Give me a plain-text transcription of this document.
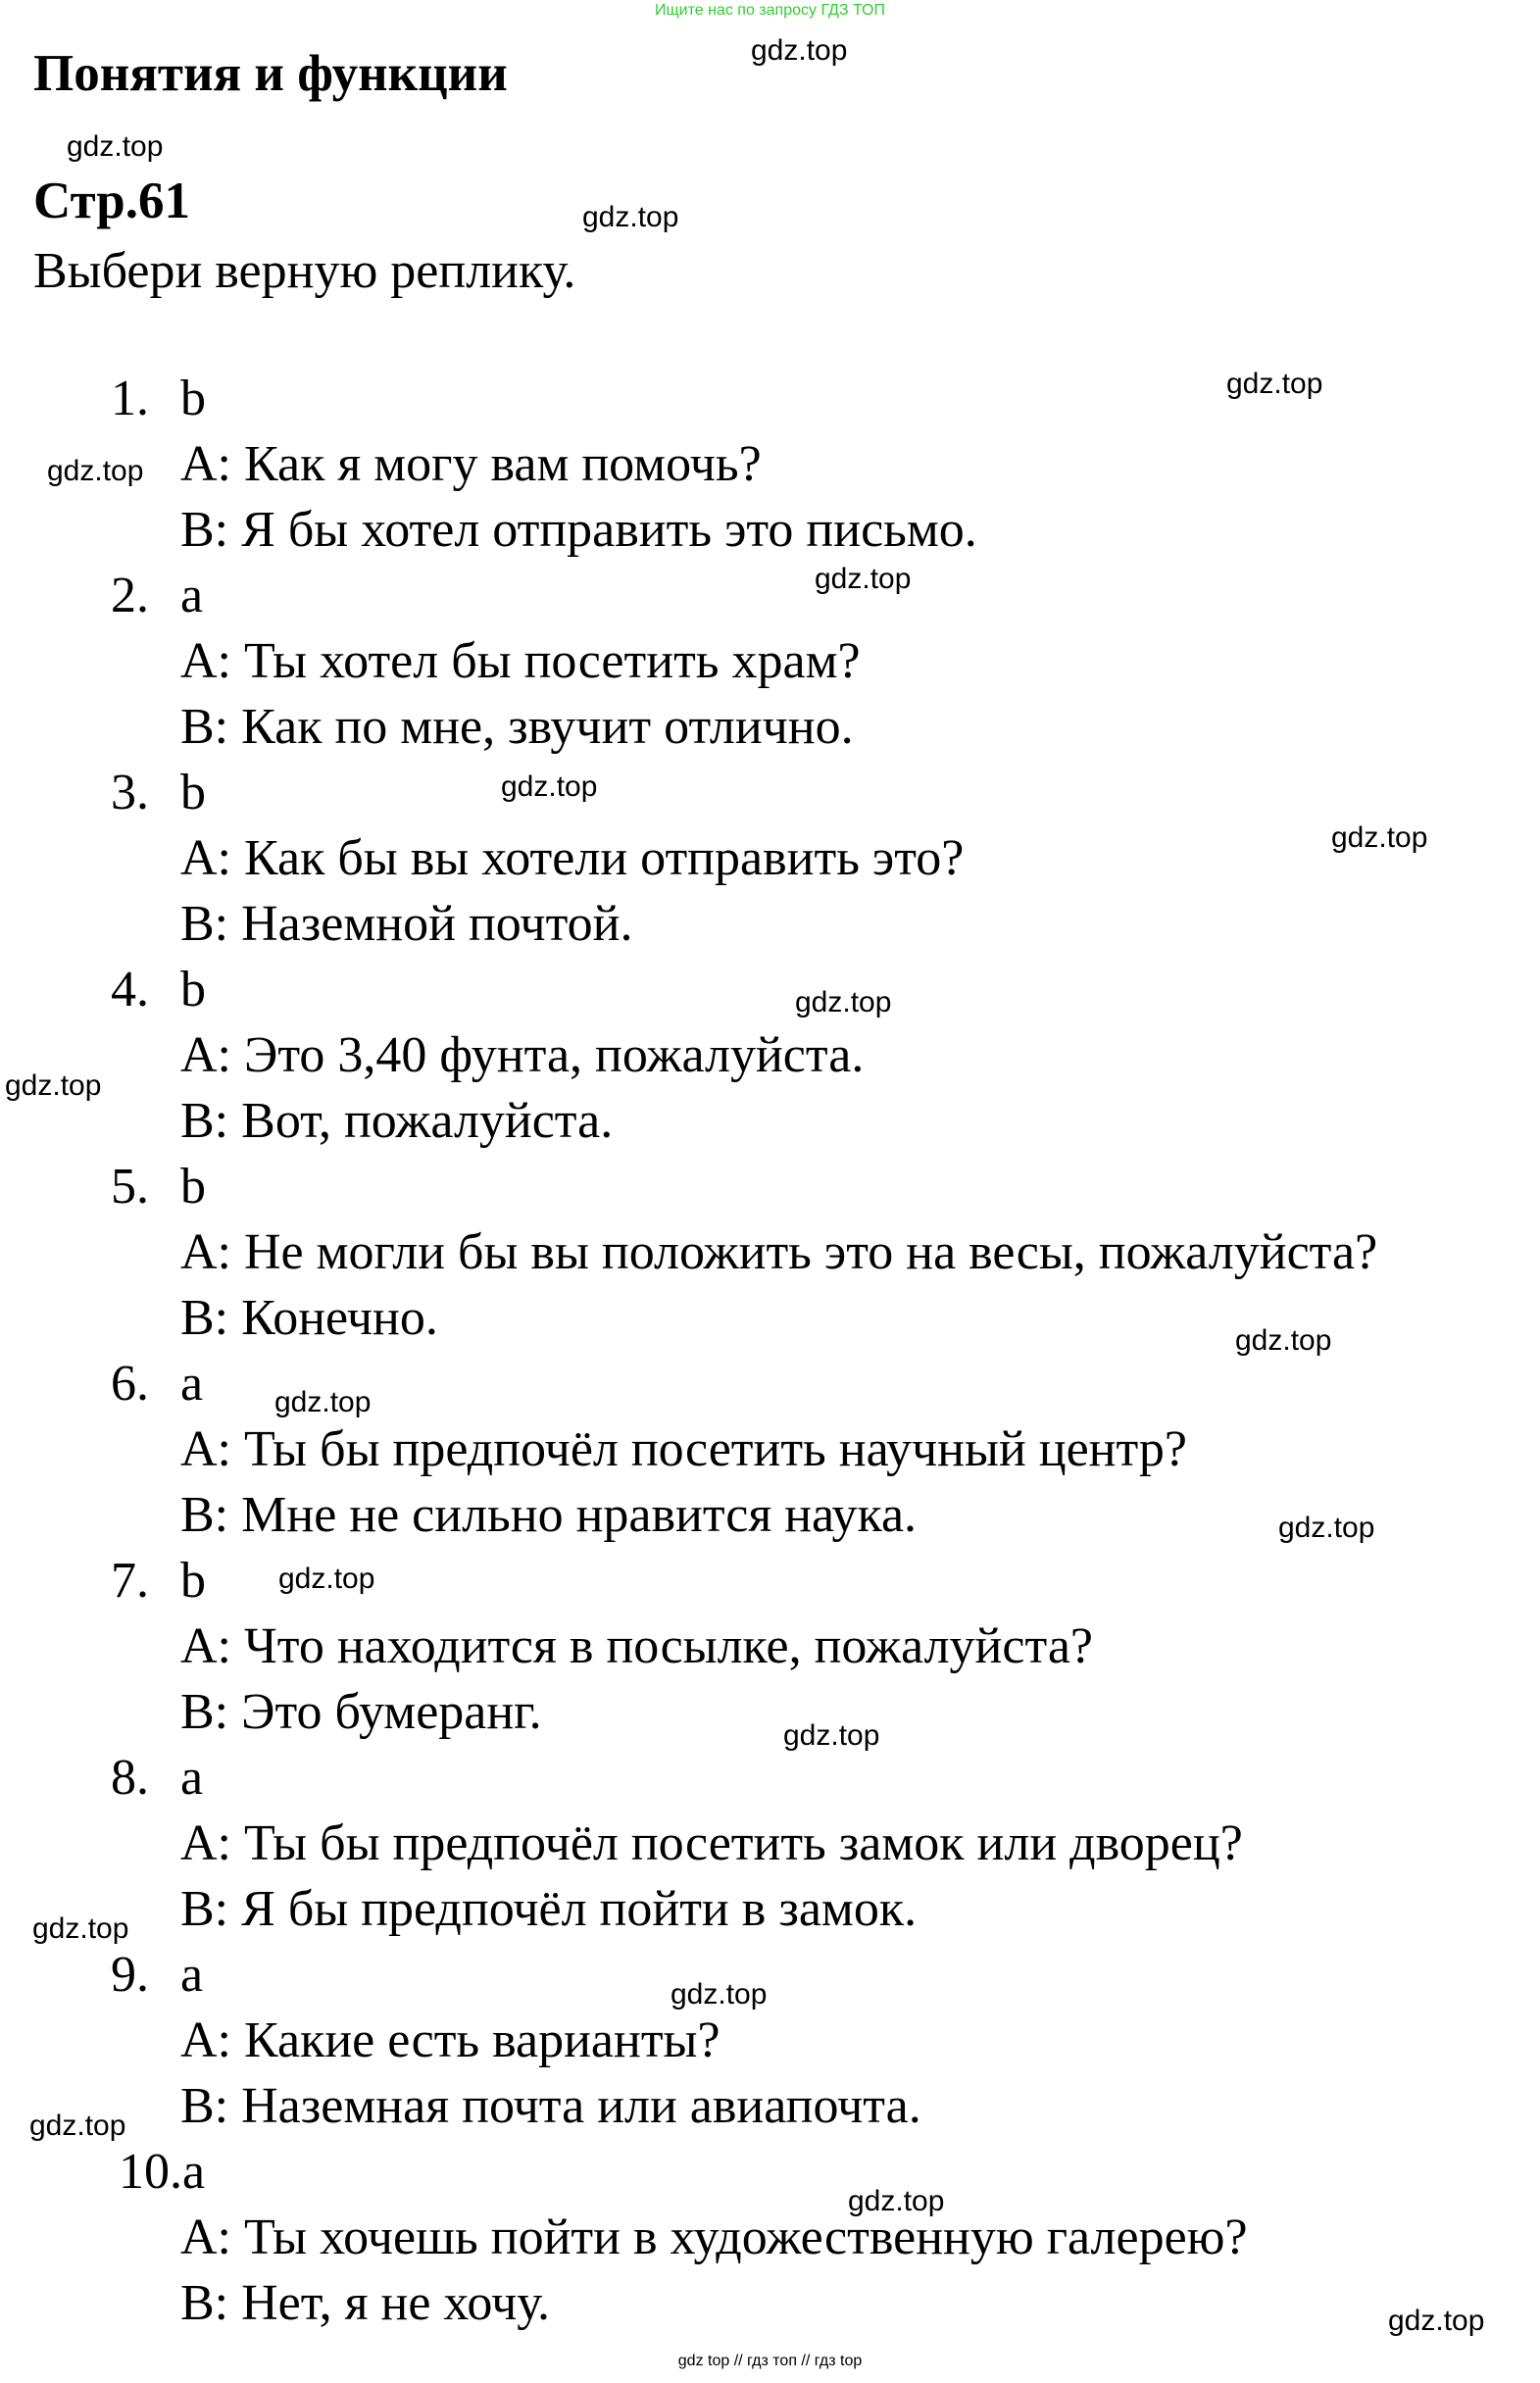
Ищите нас по запросу ГДЗ ТОП
Понятия и функции
Стр.61

Выбери верную реплику.

1. b
A: Как я могу вам помочь?
B: Я бы хотел отправить это письмо.
2. a
A: Ты хотел бы посетить храм?
B: Как по мне, звучит отлично.
3. b
A: Как бы вы хотели отправить это?
B: Наземной почтой.
4. b
A: Это 3,40 фунта, пожалуйста.
B: Вот, пожалуйста.
5. b
A: Не могли бы вы положить это на весы, пожалуйста?
B: Конечно.
6. a
A: Ты бы предпочёл посетить научный центр?
B: Мне не сильно нравится наука.
7. b
A: Что находится в посылке, пожалуйста?
B: Это бумеранг.
8. a
A: Ты бы предпочёл посетить замок или дворец?
B: Я бы предпочёл пойти в замок.
9. a
A: Какие есть варианты?
B: Наземная почта или авиапочта.
10.a
A: Ты хочешь пойти в художественную галерею?
B: Нет, я не хочу.
gdz.top
gdz.top
gdz.top
gdz.top
gdz.top
gdz.top
gdz.top
gdz.top
gdz.top
gdz.top
gdz.top
gdz.top
gdz.top
gdz.top
gdz.top
gdz.top
gdz.top
gdz.top
gdz.top
gdz.top
gdz top // гдз топ // гдз top
